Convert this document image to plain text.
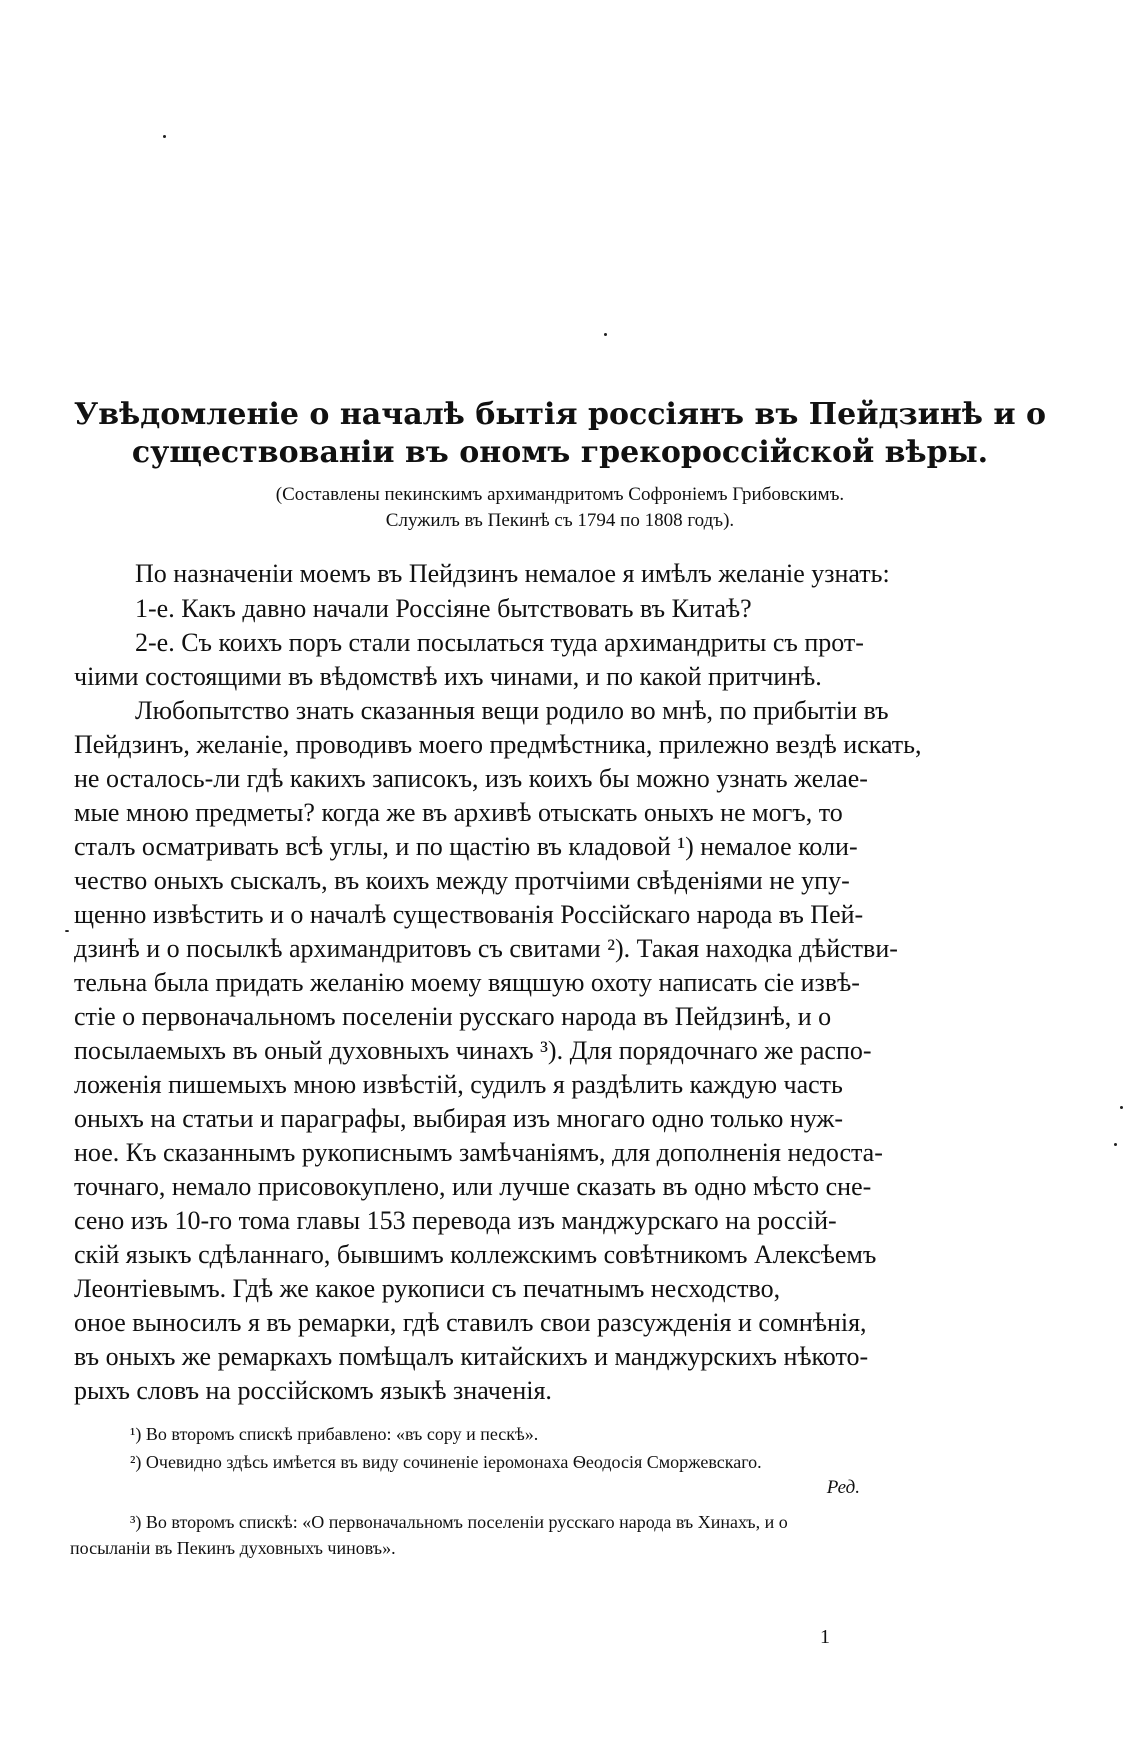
Увѣдомленіе о началѣ бытія россіянъ въ Пейдзинѣ и о
существованіи въ ономъ грекороссійской вѣры.
(Составлены пекинскимъ архимандритомъ Софроніемъ Грибовскимъ.
Служилъ въ Пекинѣ съ 1794 по 1808 годъ).
По назначеніи моемъ въ Пейдзинъ немалое я имѣлъ желаніе узнать:
1-е. Какъ давно начали Россіяне бытствовать въ Китаѣ?
2-е. Съ коихъ поръ стали посылаться туда архимандриты съ прот-
чіими состоящими въ вѣдомствѣ ихъ чинами, и по какой притчинѣ.
Любопытство знать сказанныя вещи родило во мнѣ, по прибытіи въ
Пейдзинъ, желаніе, проводивъ моего предмѣстника, прилежно вездѣ искать,
не осталось-ли гдѣ какихъ записокъ, изъ коихъ бы можно узнать желае-
мые мною предметы? когда же въ архивѣ отыскать оныхъ не могъ, то
сталъ осматривать всѣ углы, и по щастію въ кладовой ¹) немалое коли-
чество оныхъ сыскалъ, въ коихъ между протчіими свѣденіями не упу-
щенно извѣстить и о началѣ существованія Россійскаго народа въ Пей-
дзинѣ и о посылкѣ архимандритовъ съ свитами ²). Такая находка дѣйстви-
тельна была придать желанію моему вящшую охоту написать сіе извѣ-
стіе о первоначальномъ поселеніи русскаго народа въ Пейдзинѣ, и о
посылаемыхъ въ оный духовныхъ чинахъ ³). Для порядочнаго же распо-
ложенія пишемыхъ мною извѣстій, судилъ я раздѣлить каждую часть
оныхъ на статьи и параграфы, выбирая изъ многаго одно только нуж-
ное. Къ сказаннымъ рукописнымъ замѣчаніямъ, для дополненія недоста-
точнаго, немало присовокуплено, или лучше сказать въ одно мѣсто сне-
сено изъ 10-го тома главы 153 перевода изъ манджурскаго на россій-
скій языкъ сдѣланнаго, бывшимъ коллежскимъ совѣтникомъ Алексѣемъ
Леонтіевымъ. Гдѣ же какое рукописи съ печатнымъ несходство,
оное выносилъ я въ ремарки, гдѣ ставилъ свои разсужденія и сомнѣнія,
въ оныхъ же ремаркахъ помѣщалъ китайскихъ и манджурскихъ нѣкото-
рыхъ словъ на россійскомъ языкѣ значенія.
¹) Во второмъ спискѣ прибавлено: «въ сору и пескѣ».
²) Очевидно здѣсь имѣется въ виду сочиненіе іеромонаха Ѳеодосія Сморжевскаго.
Ред.
³) Во второмъ спискѣ: «О первоначальномъ поселеніи русскаго народа въ Хинахъ, и о
посыланіи въ Пекинъ духовныхъ чиновъ».
1
